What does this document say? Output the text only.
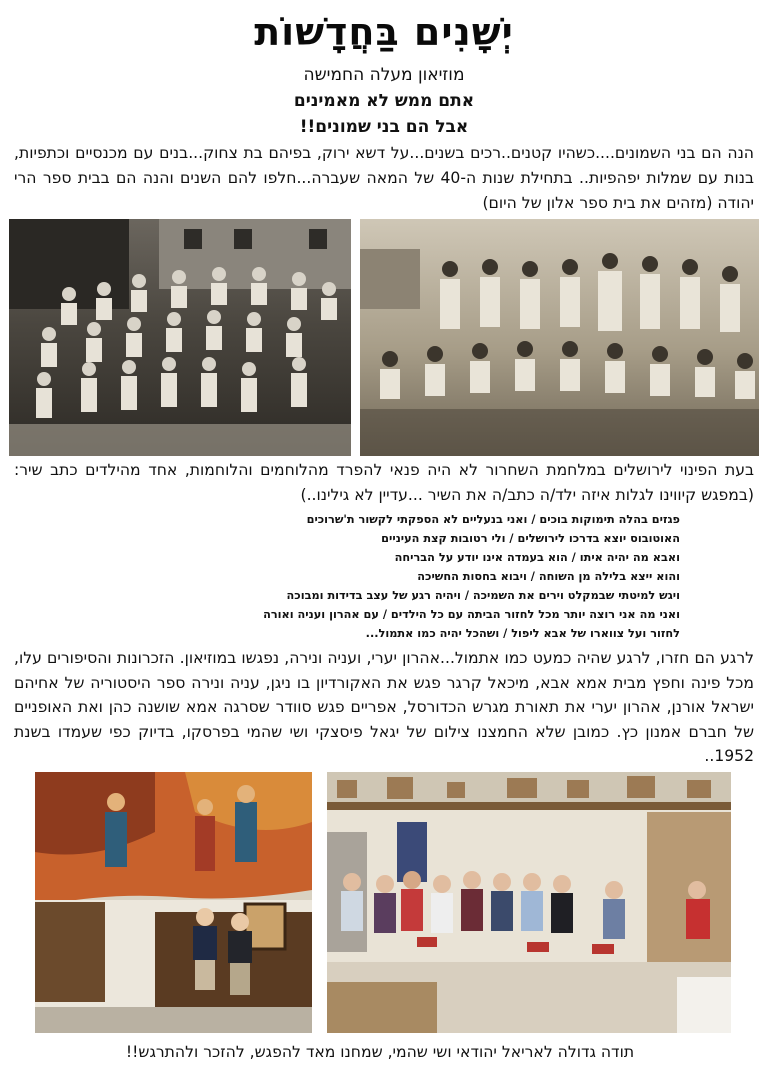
יְשָׁנִים בַּחֲדָשׁוֹת
מוזיאון מעלה החמישה
אתם ממש לא מאמינים
אבל הם בני שמונים!!
הנה הם בני השמונים....כשהיו קטנים..רכים בשנים...על דשא ירוק, בפיהם בת צחוק...בנים עם מכנסיים וכתפיות, בנות עם שמלות יפהפיות.. בתחילת שנות ה-40 של המאה שעברה...חלפו להם השנים והנה הם בבית ספר הרי יהודה (מזהים את בית ספר אלון של היום)
בעת הפינוי לירושלים במלחמת השחרור לא היה פנאי להפרד מהלוחמים והלוחמות, אחד מהילדים כתב שיר: (במפגש קיווינו לגלות איזה ילד/ה כתב/ה את השיר ...עדיין לא גילינו..)
פגזים בהלה תימוקות בוכים / ואני בנעליים לא הספקתי לקשור ת'שרוכים
האוטובוס יוצא בדרכו לירושלים / ולי רטובות קצת העיניים
ואבא מה יהיה איתו / הוא בעמדה אינו יודע על הבריחה
והוא ייצא בלילה מן השוחה / ויבוא בחסות החשיכה
ויגש למיטתי שבמקלט וירים את השמיכה / ויהיה רגע של עצב בדידות ומבוכה
ואני מה אני רוצה יותר מכל לחזור הביתה עם כל הילדים / עם אהרון ועניה ואורה
לחזור ועל צווארו של אבא ליפול / ושהכל יהיה כמו אתמול...
לרגע הם חזרו, לרגע שהיה כמעט כמו אתמול...אהרון יערי, ועניה ונירה, נפגשו במוזיאון. הזכרונות והסיפורים עלו, מכל פינה וחפץ מבית אמא אבא, מיכאל קרגר פגש את האקורדיון בו ניגן, עניה ונירה ספר היסטוריה של אחיהם ישראל אורנן, אהרון יערי את תאורת מגרש הכדורסל, אפריים פגש סוודר שסרגה אמא שושנה כהן ואת האופניים של חברם אמנון כץ. כמובן שלא החמצנו צילום של יגאל פיסצקי ושי שהמי בפרסקו, בדיוק כפי שעמדו בשנת 1952..
תודה גדולה לאריאל יהודאי ושי שהמי, שמחנו מאד להפגש, להזכר ולהתרגש!!
